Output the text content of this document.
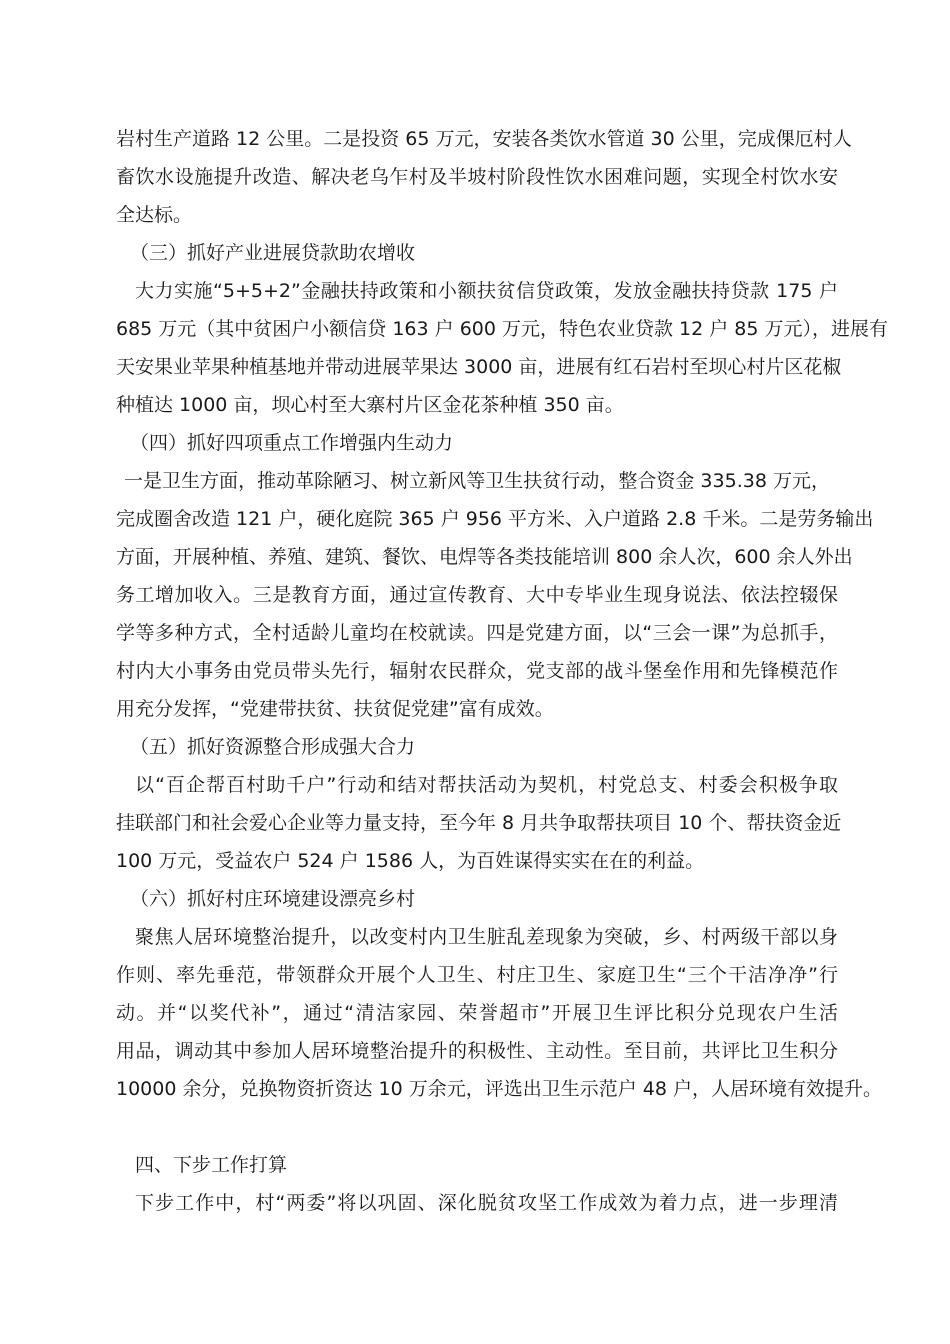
岩村生产道路 12 公里。二是投资 65 万元，安装各类饮水管道 30 公里，完成倮厄村人
畜饮水设施提升改造、解决老乌乍村及半坡村阶段性饮水困难问题，实现全村饮水安
全达标。
（三）抓好产业进展贷款助农增收
大力实施“5+5+2”金融扶持政策和小额扶贫信贷政策，发放金融扶持贷款 175 户
685 万元（其中贫困户小额信贷 163 户 600 万元，特色农业贷款 12 户 85 万元），进展有
天安果业苹果种植基地并带动进展苹果达 3000 亩，进展有红石岩村至坝心村片区花椒
种植达 1000 亩，坝心村至大寨村片区金花茶种植 350 亩。
（四）抓好四项重点工作增强内生动力
一是卫生方面，推动革除陋习、树立新风等卫生扶贫行动，整合资金 335.38 万元，
完成圈舍改造 121 户，硬化庭院 365 户 956 平方米、入户道路 2.8 千米。二是劳务输出
方面，开展种植、养殖、建筑、餐饮、电焊等各类技能培训 800 余人次，600 余人外出
务工增加收入。三是教育方面，通过宣传教育、大中专毕业生现身说法、依法控辍保
学等多种方式，全村适龄儿童均在校就读。四是党建方面，以“三会一课”为总抓手，
村内大小事务由党员带头先行，辐射农民群众，党支部的战斗堡垒作用和先锋模范作
用充分发挥，“党建带扶贫、扶贫促党建”富有成效。
（五）抓好资源整合形成强大合力
以“百企帮百村助千户”行动和结对帮扶活动为契机，村党总支、村委会积极争取
挂联部门和社会爱心企业等力量支持，至今年 8 月共争取帮扶项目 10 个、帮扶资金近
100 万元，受益农户 524 户 1586 人，为百姓谋得实实在在的利益。
（六）抓好村庄环境建设漂亮乡村
聚焦人居环境整治提升，以改变村内卫生脏乱差现象为突破，乡、村两级干部以身
作则、率先垂范，带领群众开展个人卫生、村庄卫生、家庭卫生“三个干洁净净”行
动。并“以奖代补”，通过“清洁家园、荣誉超市”开展卫生评比积分兑现农户生活
用品，调动其中参加人居环境整治提升的积极性、主动性。至目前，共评比卫生积分
10000 余分，兑换物资折资达 10 万余元，评选出卫生示范户 48 户，人居环境有效提升。
四、下步工作打算
下步工作中，村“两委”将以巩固、深化脱贫攻坚工作成效为着力点，进一步理清
